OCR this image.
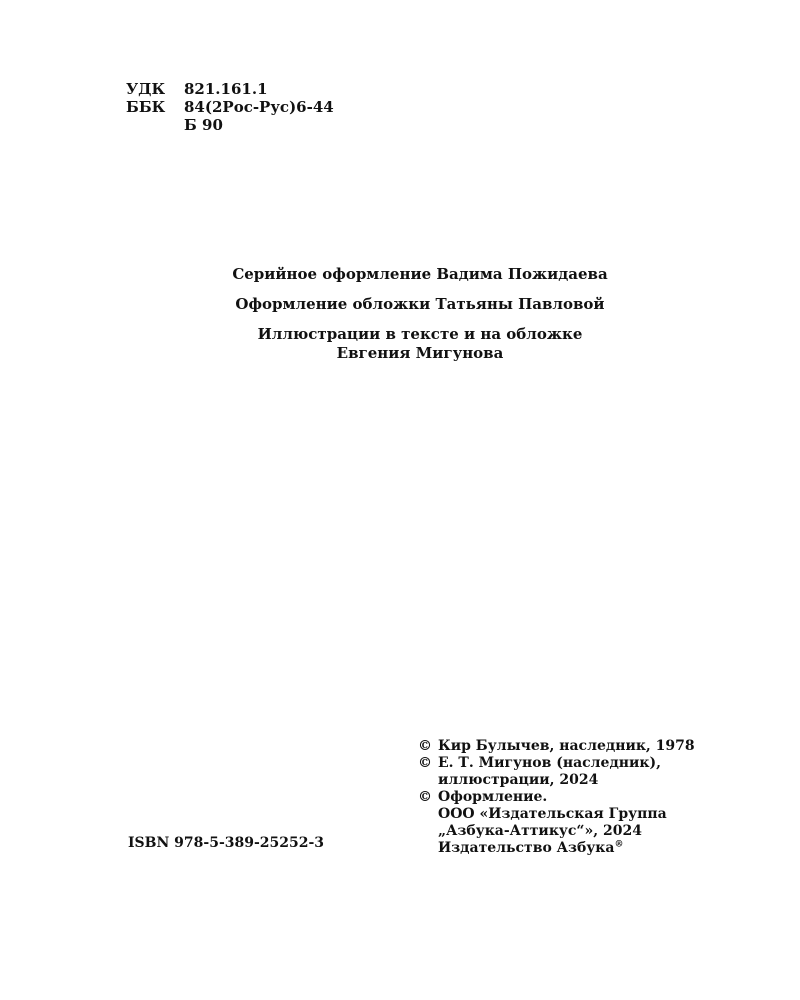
УДК	821.161.1
ББК	84(2Рос-Рус)6-44
Б 90
Серийное оформление Вадима Пожидаева
Оформление обложки Татьяны Павловой
Иллюстрации в тексте и на обложке
Евгения Мигунова
© Кир Булычев, наследник, 1978
© Е. Т. Мигунов (наследник),
иллюстрации, 2024
© Оформление.
ООО «Издательская Группа
„Азбука-Аттикус“», 2024
Издательство Азбука®
ISBN 978-5-389-25252-3
